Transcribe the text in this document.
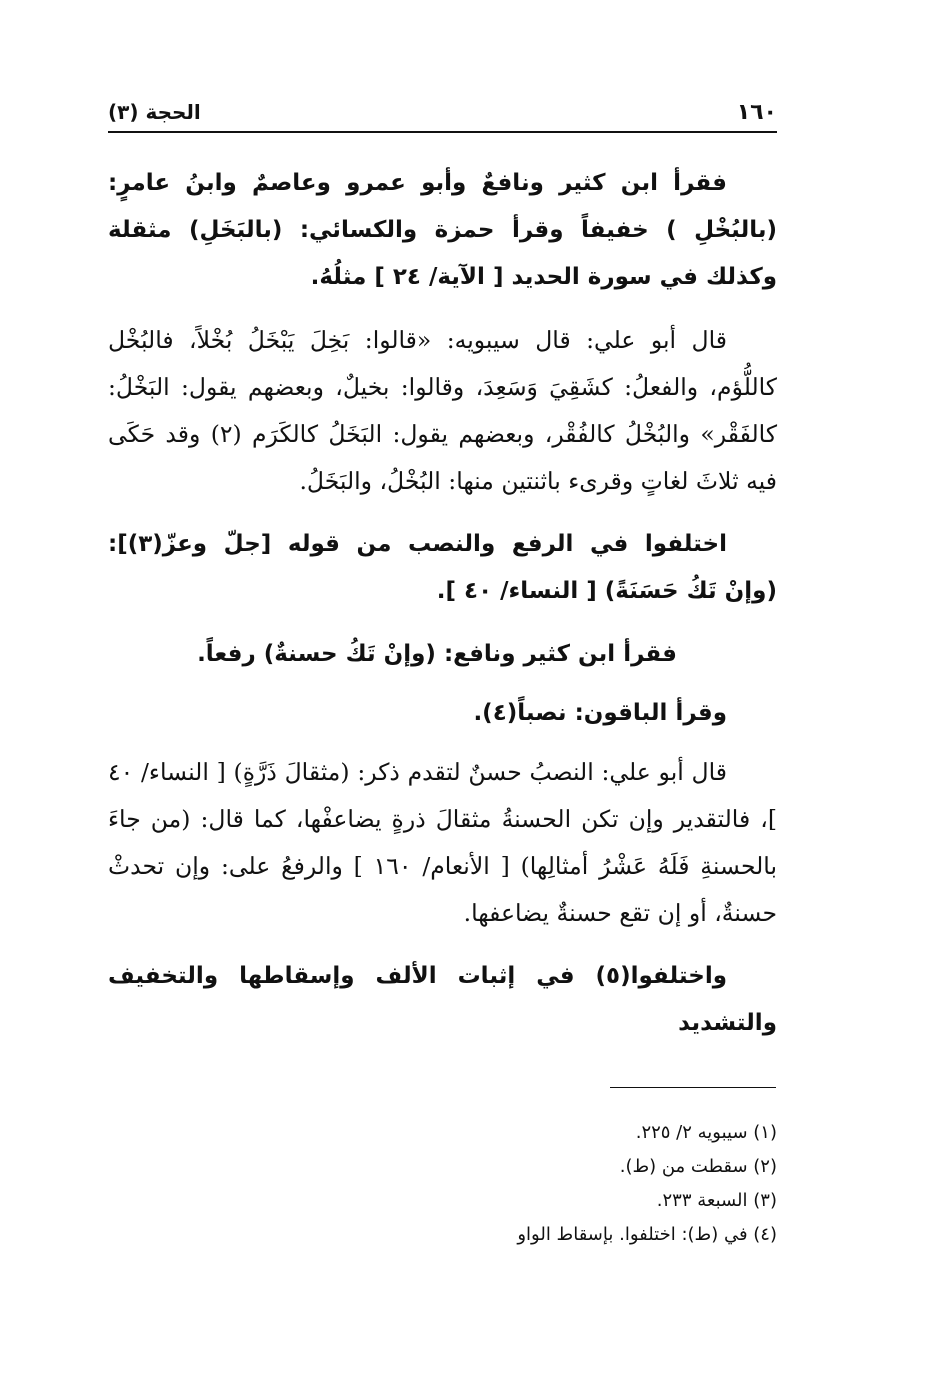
١٦٠
الحجة (٣)

فقرأ ابن كثير ونافعٌ وأبو عمرو وعاصمٌ وابنُ عامرٍ: (بالبُخْلِ ) خفيفاً وقرأ حمزة والكسائي: (بالبَخَلِ) مثقلة وكذلك في سورة الحديد [ الآية/ ٢٤ ] مثلُهُ.

قال أبو علي: قال سيبويه: «قالوا: بَخِلَ يَبْخَلُ بُخْلاً، فالبُخْل كاللُّؤم، والفعلُ: كشَقِيَ وَسَعِدَ، وقالوا: بخيلٌ، وبعضهم يقول: البَخْلُ: كالفَقْر» والبُخْلُ كالفُقْر، وبعضهم يقول: البَخَلُ كالكَرَم (٢) وقد حَكَى فيه ثلاثَ لغاتٍ وقرىء باثنتين منها: البُخْلُ، والبَخَلُ.

اختلفوا في الرفع والنصب من قوله [جلّ وعزّ(٣)]: (وإنْ تَكُ حَسَنَةً) [ النساء/ ٤٠ ].

فقرأ ابن كثير ونافع: (وإنْ تَكُ حسنةٌ) رفعاً.

وقرأ الباقون: نصباً(٤).

قال أبو علي: النصبُ حسنٌ لتقدم ذكر: (مثقالَ ذَرَّةٍ) [ النساء/ ٤٠ ]، فالتقدير وإن تكن الحسنةُ مثقالَ ذرةٍ يضاعفْها، كما قال: (من جاءَ بالحسنةِ فَلَهُ عَشْرُ أمثالِها) [ الأنعام/ ١٦٠ ] والرفعُ على: وإن تحدثْ حسنةٌ، أو إن تقع حسنةٌ يضاعفها.

واختلفوا(٥) في إثبات الألف وإسقاطها والتخفيف والتشديد

(١) سيبويه ٢/ ٢٢٥.

(٢) سقطت من (ط).

(٣) السبعة ٢٣٣.

(٤) في (ط): اختلفوا. بإسقاط الواو
